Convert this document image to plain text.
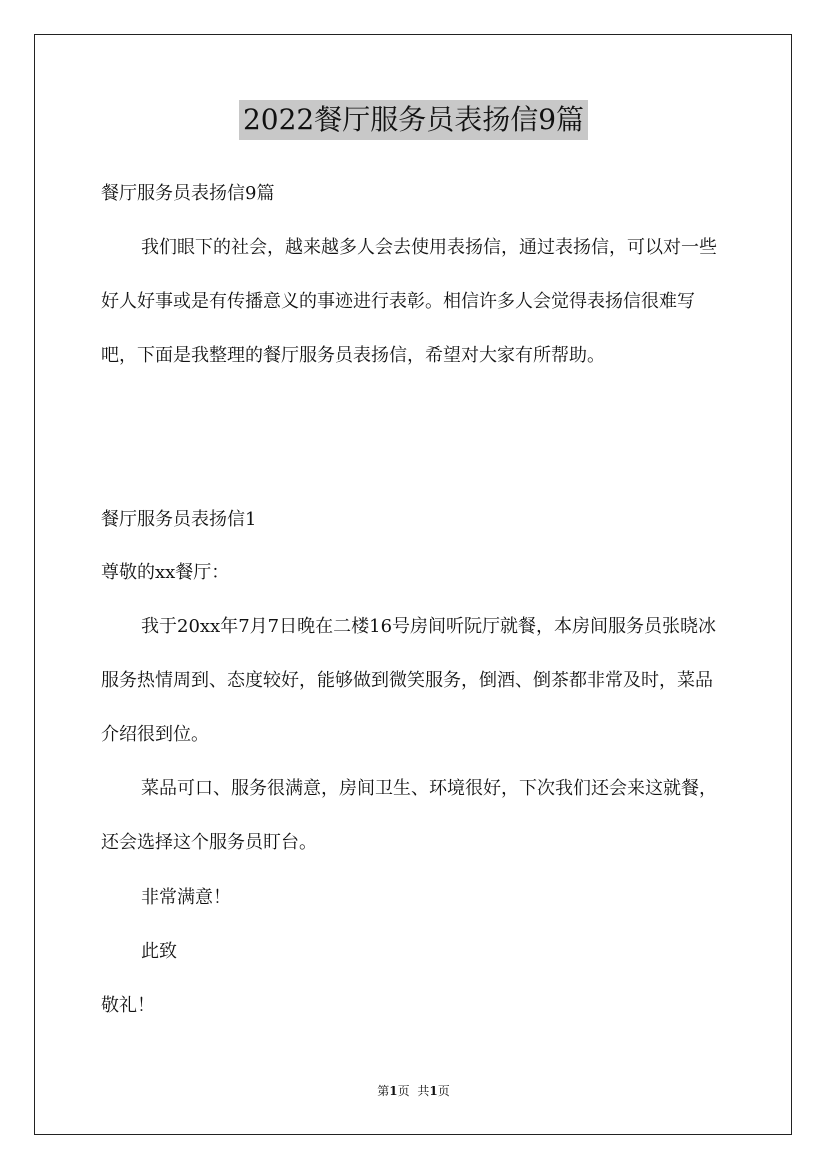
2022餐厅服务员表扬信9篇

餐厅服务员表扬信9篇

我们眼下的社会，越来越多人会去使用表扬信，通过表扬信，可以对一些好人好事或是有传播意义的事迹进行表彰。相信许多人会觉得表扬信很难写吧，下面是我整理的餐厅服务员表扬信，希望对大家有所帮助。

餐厅服务员表扬信1

尊敬的xx餐厅：

我于20xx年7月7日晚在二楼16号房间听阮厅就餐，本房间服务员张晓冰服务热情周到、态度较好，能够做到微笑服务，倒酒、倒茶都非常及时，菜品介绍很到位。

菜品可口、服务很满意，房间卫生、环境很好，下次我们还会来这就餐，还会选择这个服务员盯台。

非常满意！

此致

敬礼！

第1页 共1页
